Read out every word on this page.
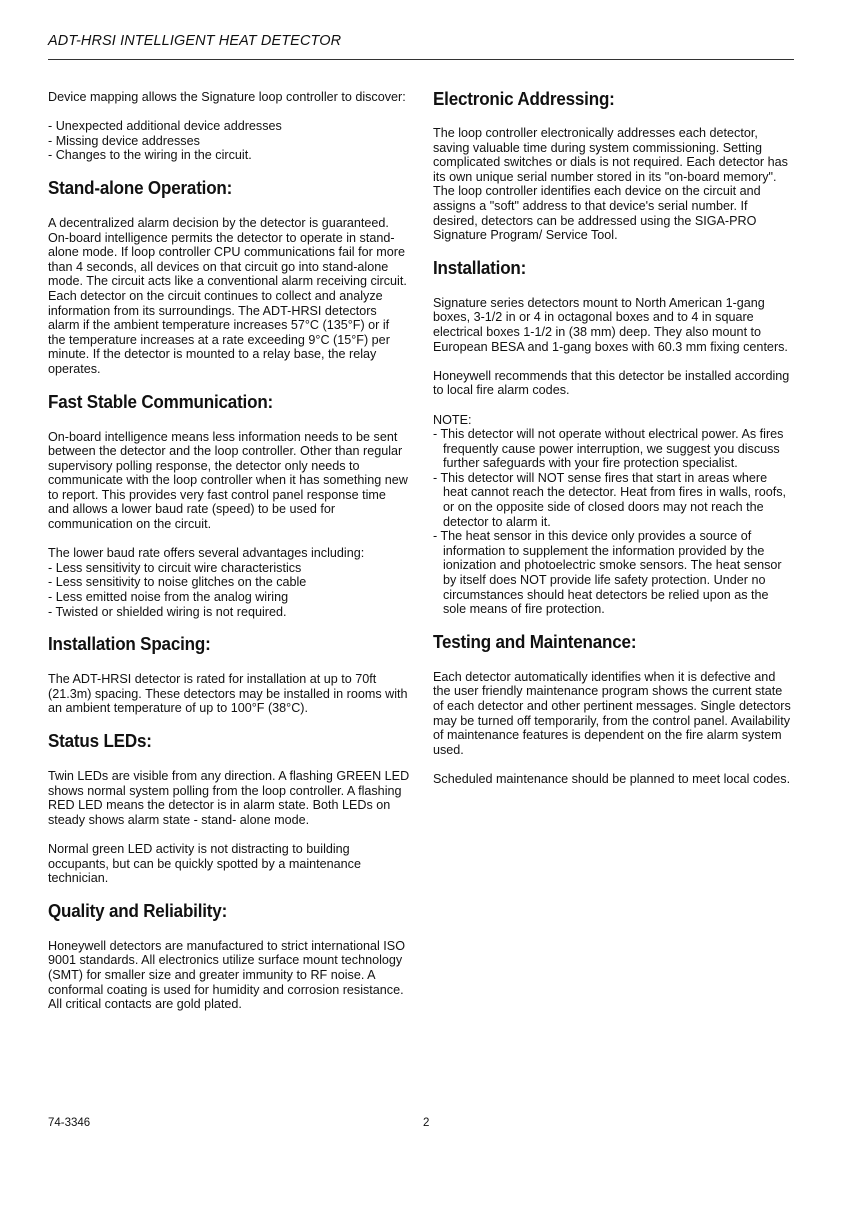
ADT-HRSI INTELLIGENT HEAT DETECTOR

Device mapping allows the Signature loop controller to discover:

- Unexpected additional device addresses

- Missing device addresses

- Changes to the wiring in the circuit.

Stand-alone Operation:

A decentralized alarm decision by the detector is guaranteed. On-board intelligence permits the detector to operate in stand-alone mode. If loop controller CPU communications fail for more than 4 seconds, all devices on that circuit go into stand-alone mode. The circuit acts like a conventional alarm receiving circuit. Each detector on the circuit continues to collect and analyze information from its surroundings. The ADT-HRSI detectors alarm if the ambient temperature increases 57°C (135°F) or if the temperature increases at a rate exceeding 9°C (15°F) per minute. If the detector is mounted to a relay base, the relay operates.

Fast Stable Communication:

On-board intelligence means less information needs to be sent between the detector and the loop controller. Other than regular supervisory polling response, the detector only needs to communicate with the loop controller when it has something new to report. This provides very fast control panel response time and allows a lower baud rate (speed) to be used for communication on the circuit.

The lower baud rate offers several advantages including:

- Less sensitivity to circuit wire characteristics

- Less sensitivity to noise glitches on the cable

- Less emitted noise from the analog wiring

- Twisted or shielded wiring is not required.

Installation Spacing:

The ADT-HRSI detector is rated for installation at up to 70ft (21.3m) spacing. These detectors may be installed in rooms with an ambient temperature of up to 100°F (38°C).

Status LEDs:

Twin LEDs are visible from any direction. A flashing GREEN LED shows normal system polling from the loop controller. A flashing RED LED means the detector is in alarm state. Both LEDs on steady shows alarm state - stand- alone mode.

Normal green LED activity is not distracting to building occupants, but can be quickly spotted by a maintenance technician.

Quality and Reliability:

Honeywell detectors are manufactured to strict international ISO 9001 standards. All electronics utilize surface mount technology (SMT) for smaller size and greater immunity to RF noise. A conformal coating is used for humidity and corrosion resistance. All critical contacts are gold plated.

Electronic Addressing:

The loop controller electronically addresses each detector, saving valuable time during system commissioning. Setting complicated switches or dials is not required. Each detector has its own unique serial number stored in its "on-board memory". The loop controller identifies each device on the circuit and assigns a "soft" address to that device's serial number. If desired, detectors can be addressed using the SIGA-PRO Signature Program/ Service Tool.

Installation:

Signature series detectors mount to North American 1-gang boxes, 3-1/2 in or 4 in octagonal boxes and to 4 in square electrical boxes 1-1/2 in (38 mm) deep. They also mount to European BESA and 1-gang boxes with 60.3 mm fixing centers.

Honeywell recommends that this detector be installed according to local fire alarm codes.

NOTE:

- This detector will not operate without electrical power. As fires frequently cause power interruption, we suggest you discuss further safeguards with your fire protection specialist.

- This detector will NOT sense fires that start in areas where heat cannot reach the detector. Heat from fires in walls, roofs, or on the opposite side of closed doors may not reach the detector to alarm it.

- The heat sensor in this device only provides a source of information to supplement the information provided by the ionization and photoelectric smoke sensors. The heat sensor by itself does NOT provide life safety protection. Under no circumstances should heat detectors be relied upon as the sole means of fire protection.

Testing and Maintenance:

Each detector automatically identifies when it is defective and the user friendly maintenance program shows the current state of each detector and other pertinent messages. Single detectors may be turned off temporarily, from the control panel. Availability of maintenance features is dependent on the fire alarm system used.

Scheduled maintenance should be planned to meet local codes.

74-3346	2
